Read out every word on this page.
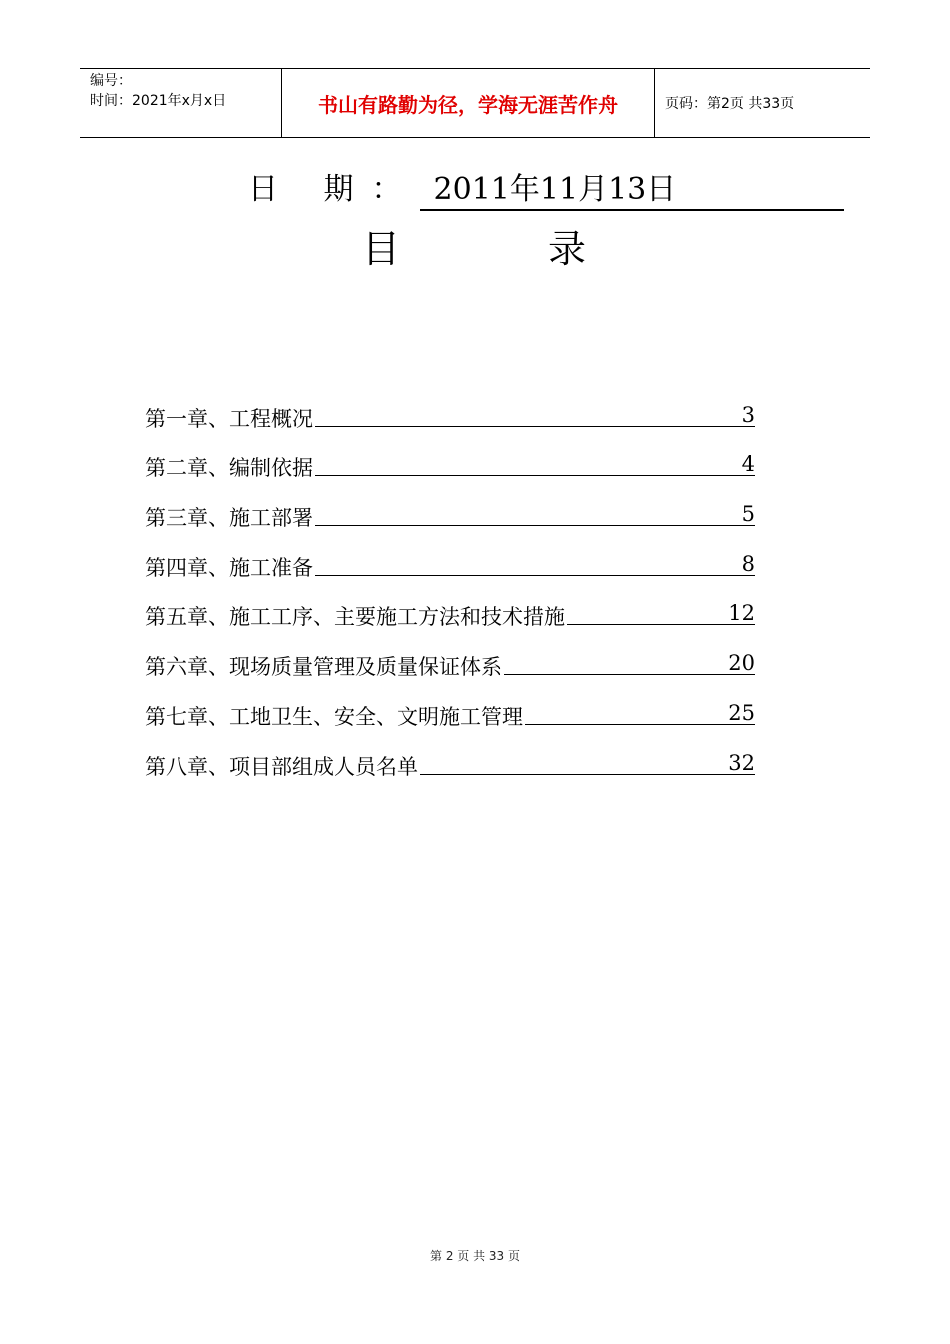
编号：
时间：2021年x月x日	书山有路勤为径，学海无涯苦作舟	页码：第2页 共33页
日 期： 2011年11月13日
目	录
第一章、工程概况	3
第二章、编制依据	4
第三章、施工部署	5
第四章、施工准备	8
第五章、施工工序、主要施工方法和技术措施	12
第六章、现场质量管理及质量保证体系	20
第七章、工地卫生、安全、文明施工管理	25
第八章、项目部组成人员名单	32
第 2 页 共 33 页
